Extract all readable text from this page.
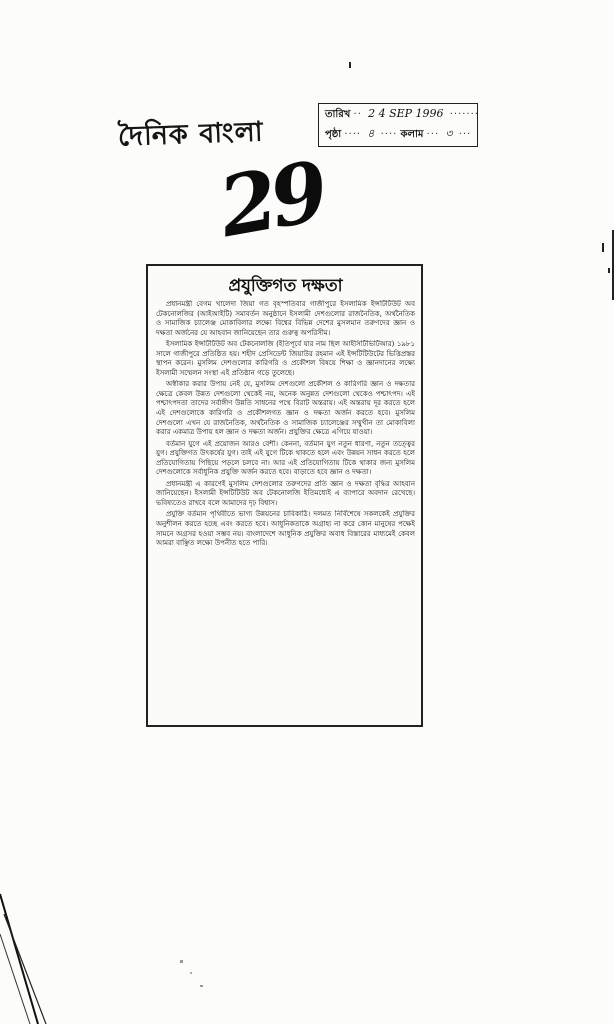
দৈনিক বাংলা
তারিখ ·· 2 4 SEP 1996 ·······
পৃষ্ঠা ···· ৪ ···· কলাম ··· ৩ ···
29
প্রযুক্তিগত দক্ষতা

প্রধানমন্ত্রী বেগম খালেদা জিয়া গত বৃহস্পতিবার গাজীপুরে ইসলামিক ইন্সটিটিউট অব টেকনোলজির (আইআইটি) সমাবর্তন অনুষ্ঠানে ইসলামী দেশগুলোর রাজনৈতিক, অর্থনৈতিক ও সামাজিক চ্যালেঞ্জ মোকাবিলার লক্ষ্যে বিশ্বের বিভিন্ন দেশের মুসলমান তরুণদের জ্ঞান ও দক্ষতা অর্জনের যে আহবান জানিয়েছেন তার গুরুত্ব অপরিসীম।

ইসলামিক ইন্সটিটিউট অব টেকনোলজি (ইতিপূর্বে যার নাম ছিল আইসিটিভিটিআর) ১৯৮১ সালে গাজীপুরে প্রতিষ্ঠিত হয়। শহীদ প্রেসিডেন্ট জিয়াউর রহমান এই ইন্সটিটিউটের ভিত্তিপ্রস্তর স্থাপন করেন। মুসলিম দেশগুলোর কারিগরি ও প্রকৌশল বিষয়ে শিক্ষা ও জ্ঞানদানের লক্ষ্যে ইসলামী সম্মেলন সংস্থা এই প্রতিষ্ঠান গড়ে তুলেছে।

অস্বীকার করার উপায় নেই যে, মুসলিম দেশগুলো প্রকৌশল ও কারিগরি জ্ঞান ও দক্ষতার ক্ষেত্রে কেবল উন্নত দেশগুলো থেকেই নয়, অনেক অনুন্নত দেশগুলো থেকেও পশ্চাৎপদ। এই পশ্চাৎপদতা তাদের সর্বাঙ্গীণ উন্নতি সাধনের পথে বিরাট অন্তরায়। এই অন্তরায় দূর করতে হলে এই দেশগুলোকে কারিগরি ও প্রকৌশলগত জ্ঞান ও দক্ষতা অর্জন করতে হবে। মুসলিম দেশগুলো এখন যে রাজনৈতিক, অর্থনৈতিক ও সামাজিক চ্যালেঞ্জের সম্মুখীন তা মোকাবিলা করার একমাত্র উপায় হল জ্ঞান ও দক্ষতা অর্জন। প্রযুক্তির ক্ষেত্রে এগিয়ে যাওয়া।

বর্তমান যুগে এই প্রয়োজন আরও বেশী। কেননা, বর্তমান যুগ নতুন ধারণা, নতুন তত্ত্বের যুগ। প্রযুক্তিগত উৎকর্ষের যুগ। তাই এই যুগে টিকে থাকতে হলে এবং উন্নয়ন সাধন করতে হলে প্রতিযোগিতায় পিছিয়ে পড়লে চলবে না। আর এই প্রতিযোগিতায় টিকে থাকার জন্য মুসলিম দেশগুলোকে সর্বাধুনিক প্রযুক্তি অর্জন করতে হবে। বাড়াতে হবে জ্ঞান ও দক্ষতা।

প্রধানমন্ত্রী এ কারণেই মুসলিম দেশগুলোর তরুণদের প্রতি জ্ঞান ও দক্ষতা বৃদ্ধির আহবান জানিয়েছেন। ইসলামী ইন্সটিটিউট অব টেকনোলজি ইতিমধ্যেই এ ব্যাপারে অবদান রেখেছে। ভবিষ্যতেও রাখবে বলে আমাদের দৃঢ় বিশ্বাস।

প্রযুক্তি বর্তমান পৃথিবীতে ভাগ্য উন্নয়নের চাবিকাঠি। দলমত নির্বিশেষে সকলকেই প্রযুক্তির অনুশীলন করতে হচ্ছে এবং করতে হবে। আধুনিকতাকে অগ্রাহ্য না করে কোন মানুষের পক্ষেই সামনে অগ্রসর হওয়া সম্ভব নয়। বাংলাদেশে আধুনিক প্রযুক্তির অবাধ বিস্তারের মাধ্যমেই কেবল আমরা বাঞ্ছিত লক্ষ্যে উপনীত হতে পারি।
